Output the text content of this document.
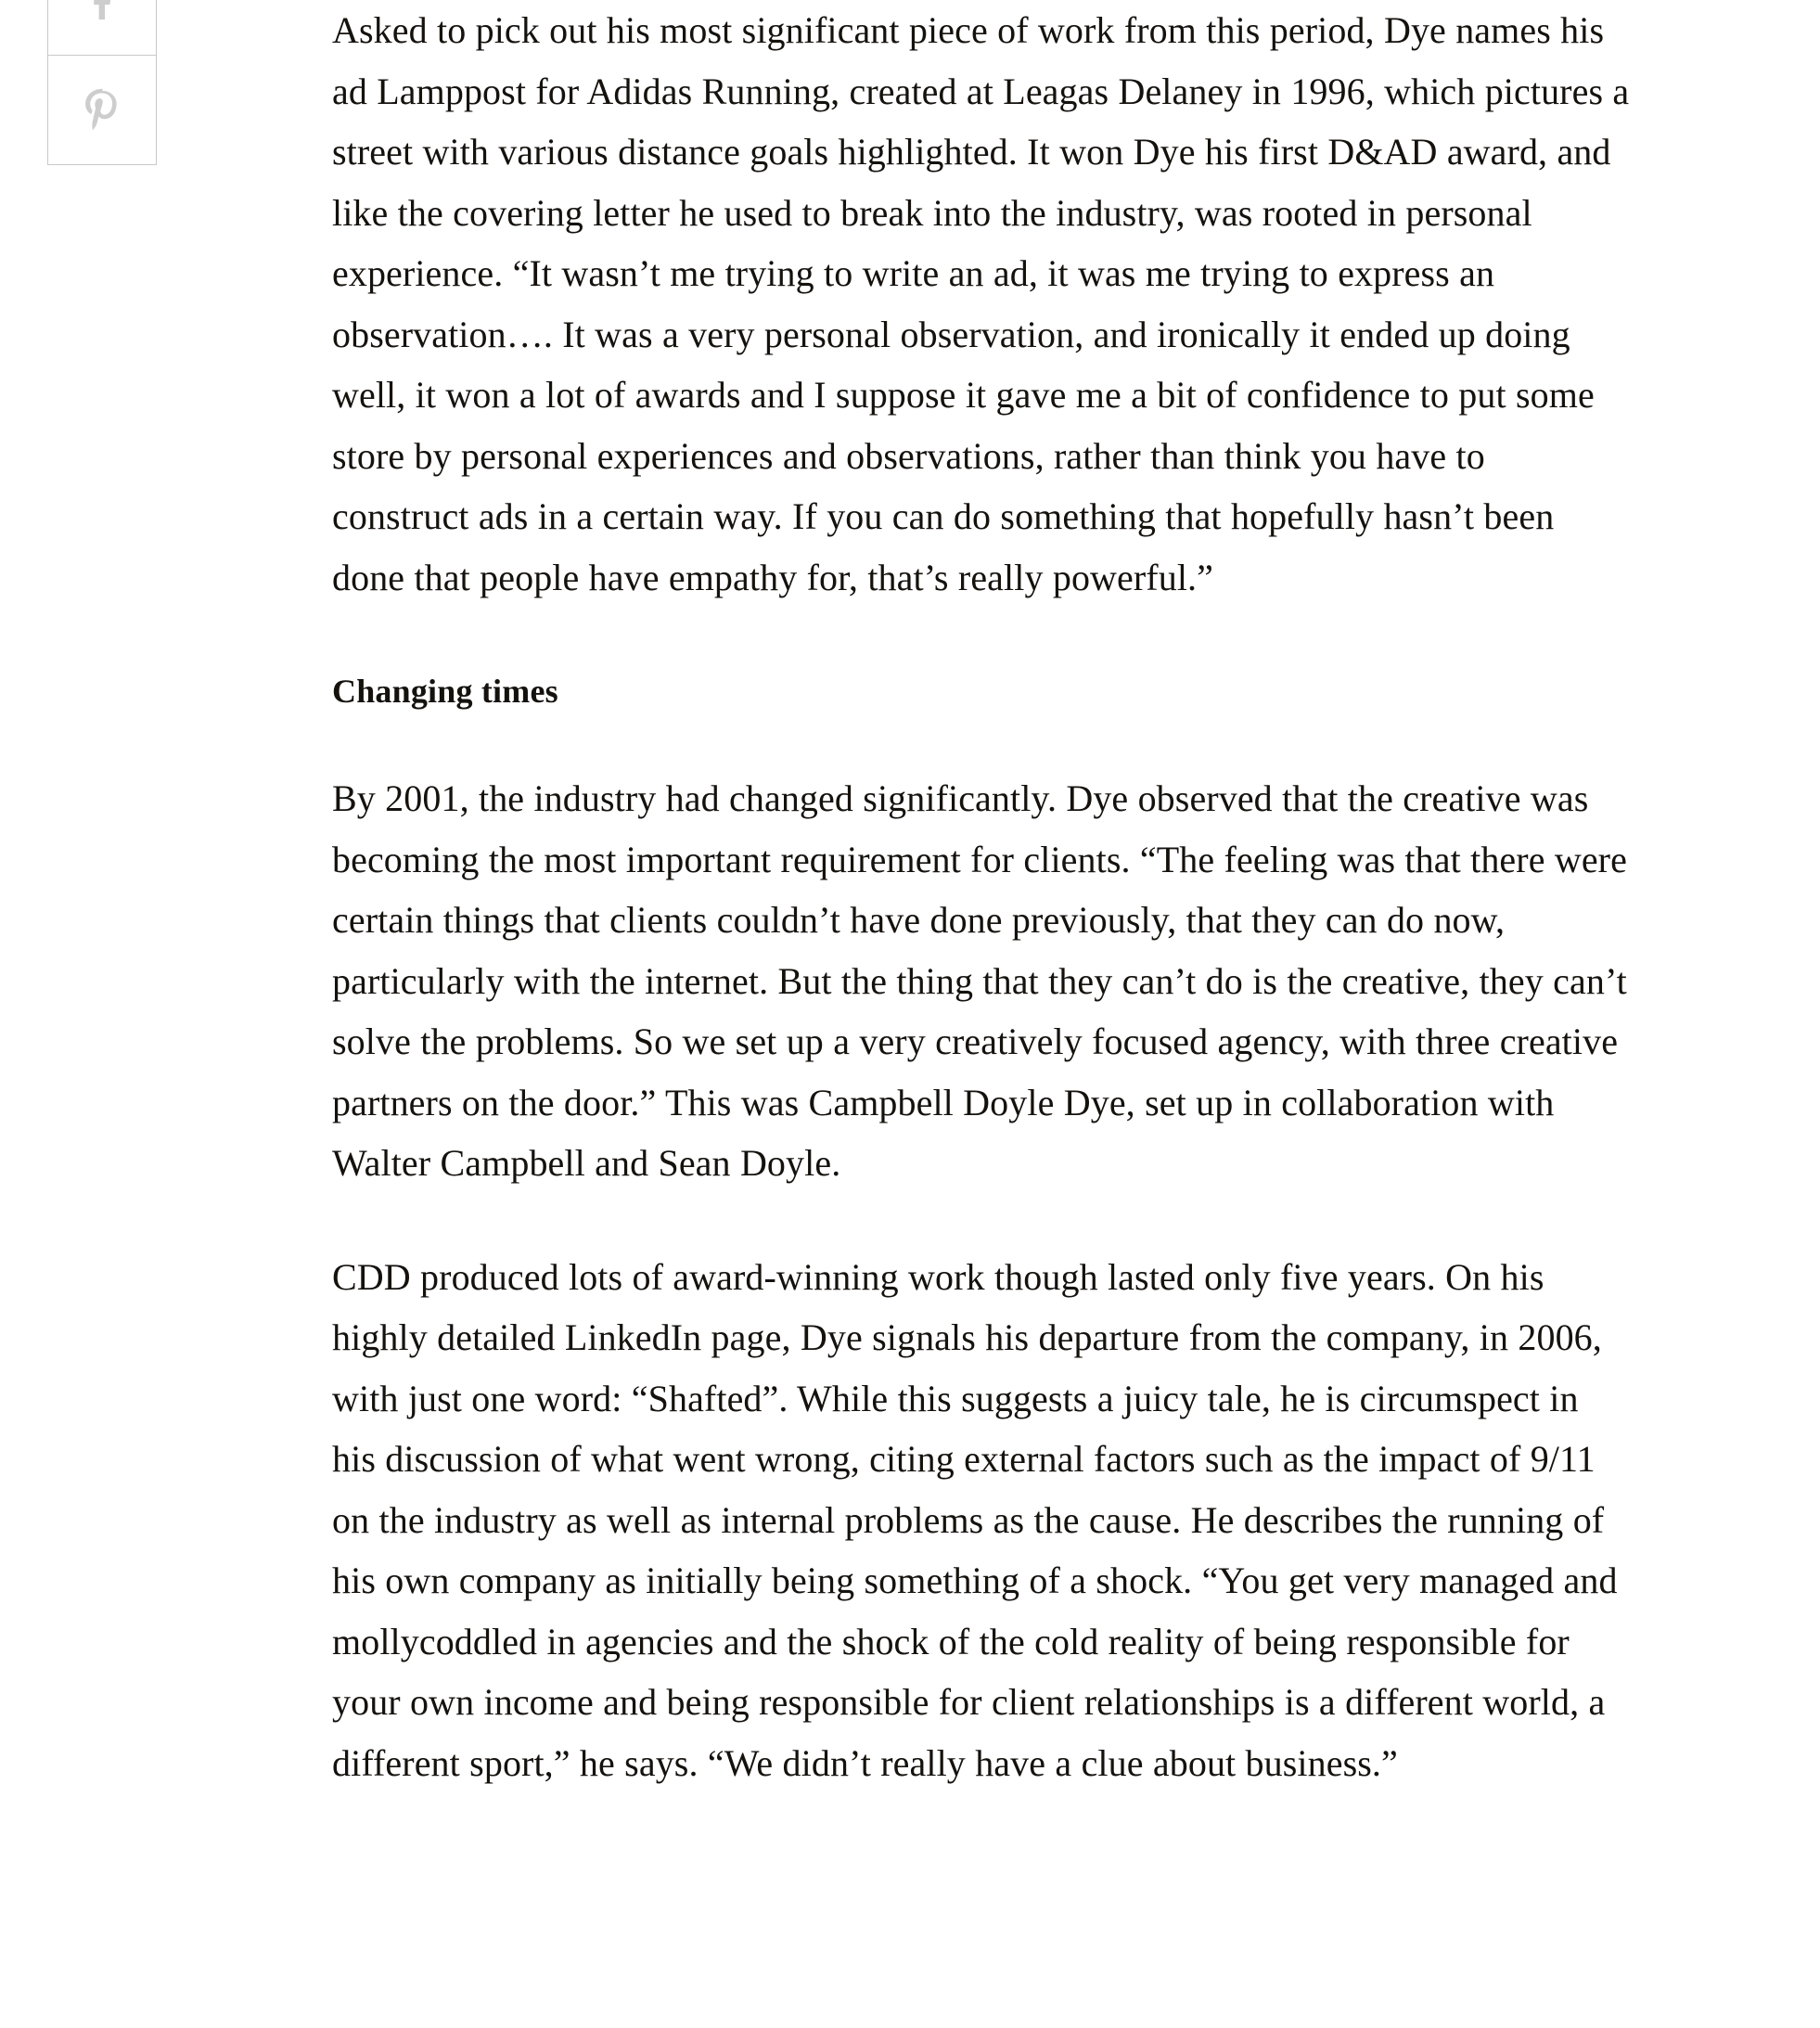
Asked to pick out his most significant piece of work from this period, Dye names his ad Lamppost for Adidas Running, created at Leagas Delaney in 1996, which pictures a street with various distance goals highlighted. It won Dye his first D&AD award, and like the covering letter he used to break into the industry, was rooted in personal experience. “It wasn’t me trying to write an ad, it was me trying to express an observation…. It was a very personal observation, and ironically it ended up doing well, it won a lot of awards and I suppose it gave me a bit of confidence to put some store by personal experiences and observations, rather than think you have to construct ads in a certain way. If you can do something that hopefully hasn’t been done that people have empathy for, that’s really powerful.”

Changing times

By 2001, the industry had changed significantly. Dye observed that the creative was becoming the most important requirement for clients. “The feeling was that there were certain things that clients couldn’t have done previously, that they can do now, particularly with the internet. But the thing that they can’t do is the creative, they can’t solve the problems. So we set up a very creatively focused agency, with three creative partners on the door.” This was Campbell Doyle Dye, set up in collaboration with Walter Campbell and Sean Doyle.

CDD produced lots of award-winning work though lasted only five years. On his highly detailed LinkedIn page, Dye signals his departure from the company, in 2006, with just one word: “Shafted”. While this suggests a juicy tale, he is circumspect in his discussion of what went wrong, citing external factors such as the impact of 9/11 on the industry as well as internal problems as the cause. He describes the running of his own company as initially being something of a shock. “You get very managed and mollycoddled in agencies and the shock of the cold reality of being responsible for your own income and being responsible for client relationships is a different world, a different sport,” he says. “We didn’t really have a clue about business.”
